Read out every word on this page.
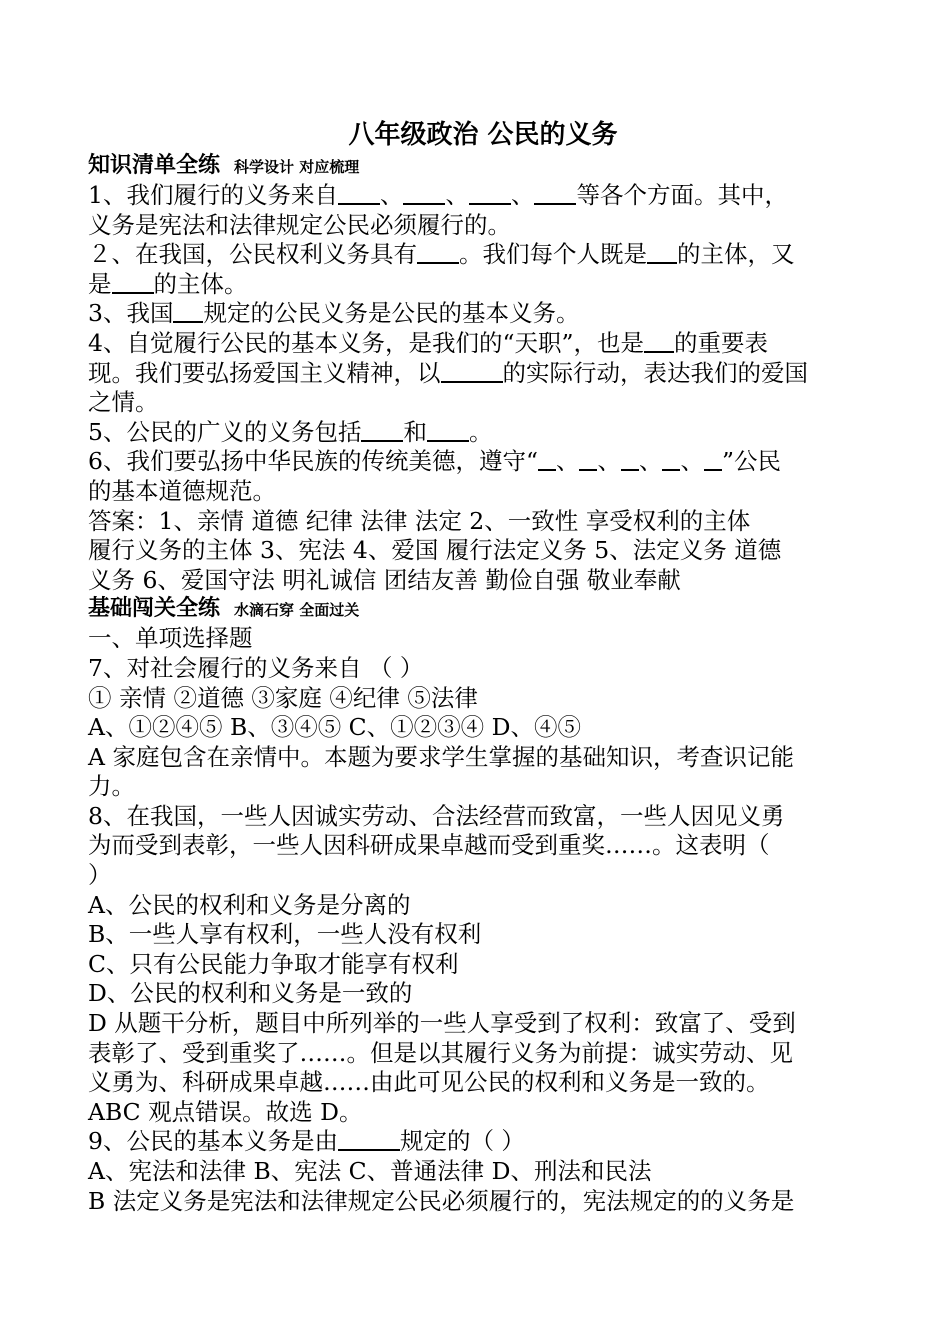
八年级政治 公民的义务
知识清单全练 科学设计 对应梳理
1、我们履行的义务来自 、 、 、 等各个方面。其中，
义务是宪法和法律规定公民必须履行的。
２、在我国，公民权利义务具有 。我们每个人既是 的主体，又
是 的主体。
3、我国 规定的公民义务是公民的基本义务。
4、自觉履行公民的基本义务，是我们的“天职”，也是 的重要表
现。我们要弘扬爱国主义精神，以	的实际行动，表达我们的爱国
之情。
5、公民的广义的义务包括 和 。
6、我们要弘扬中华民族的传统美德，遵守“ 、 、 、 、 ”公民
的基本道德规范。
答案：1、亲情 道德 纪律 法律 法定 2、一致性 享受权利的主体
履行义务的主体 3、宪法 4、爱国 履行法定义务 5、法定义务 道德
义务 6、爱国守法 明礼诚信 团结友善 勤俭自强 敬业奉献
基础闯关全练 水滴石穿 全面过关
一、单项选择题
7、对社会履行的义务来自 （ ）
① 亲情 ②道德 ③家庭 ④纪律 ⑤法律
A、①②④⑤ B、③④⑤ C、①②③④ D、④⑤
A 家庭包含在亲情中。本题为要求学生掌握的基础知识，考查识记能
力。
8、在我国，一些人因诚实劳动、合法经营而致富，一些人因见义勇
为而受到表彰，一些人因科研成果卓越而受到重奖……。这表明（
）
A、公民的权利和义务是分离的
B、一些人享有权利，一些人没有权利
C、只有公民能力争取才能享有权利
D、公民的权利和义务是一致的
D 从题干分析，题目中所列举的一些人享受到了权利：致富了、受到
表彰了、受到重奖了……。但是以其履行义务为前提：诚实劳动、见
义勇为、科研成果卓越……由此可见公民的权利和义务是一致的。
ABC 观点错误。故选 D。
9、公民的基本义务是由	规定的（ ）
A、宪法和法律 B、宪法 C、普通法律 D、刑法和民法
B 法定义务是宪法和法律规定公民必须履行的，宪法规定的的义务是
